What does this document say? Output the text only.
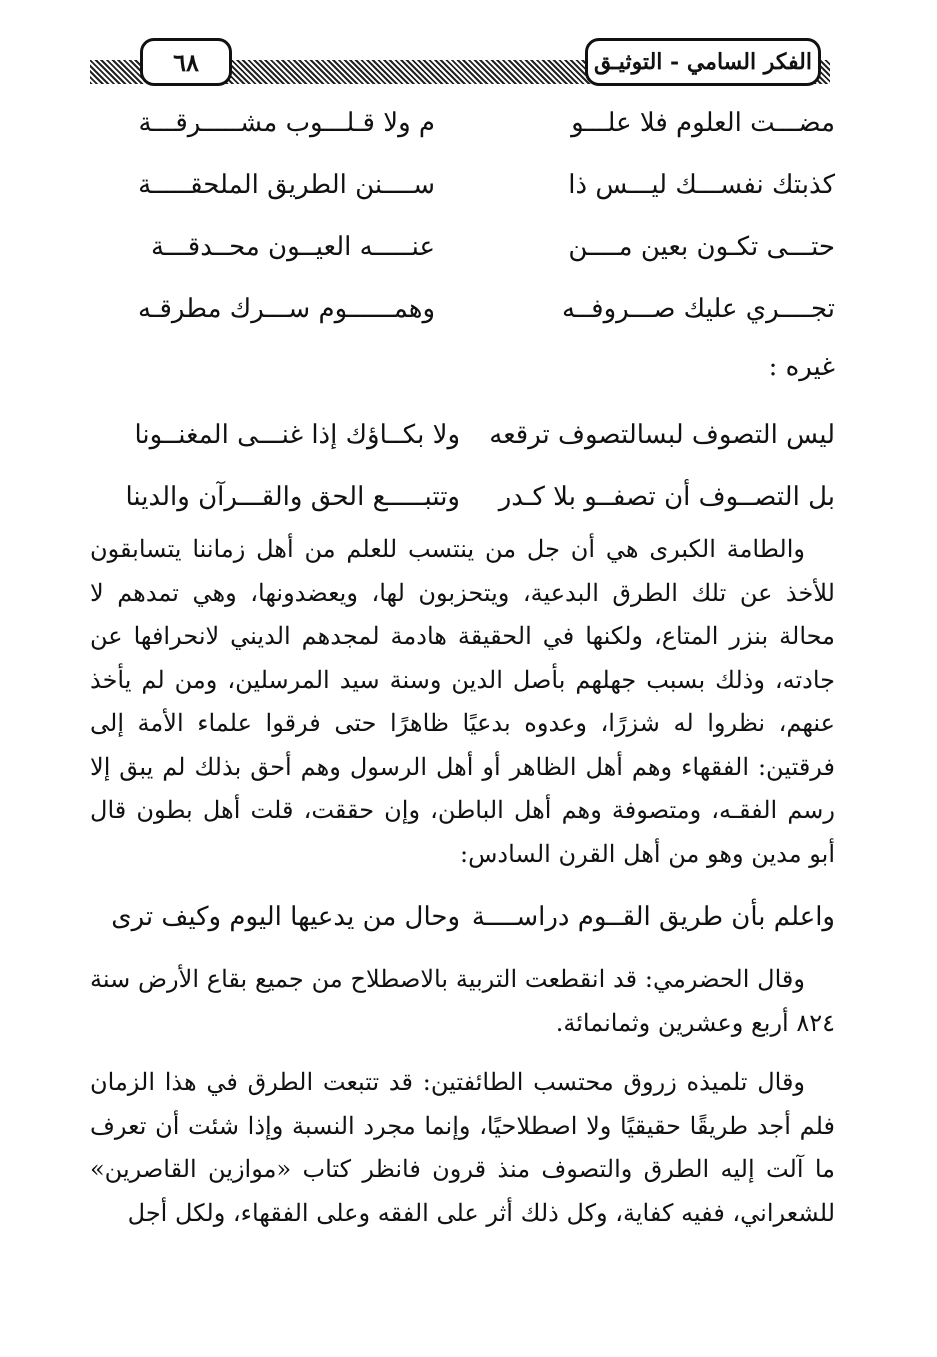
الفكر السامي - التوثيـق
٦٨
مضـــت العلوم فلا علـــو
م ولا قـلـــوب مشـــــرقـــة
كذبتك نفســـك ليـــس ذا
ســــنن الطريق الملحقـــــة
حتـــى تكـون بعين مــــن
عنـــــه العيــون محــدقـــة
تجــــري عليك صـــروفــه
وهمــــــوم ســـرك مطرقـه
غيره :
ليس التصوف لبسالتصوف ترقعه
ولا بكــاؤك إذا غنـــى المغنــونا
بل التصــوف أن تصفــو بلا كـدر
وتتبـــــع الحق والقـــرآن والدينا

والطامة الكبرى هي أن جل من ينتسب للعلم من أهل زماننا يتسابقون للأخذ عن تلك الطرق البدعية، ويتحزبون لها، ويعضدونها، وهي تمدهم لا محالة بنزر المتاع، ولكنها في الحقيقة هادمة لمجدهم الديني لانحرافها عن جادته، وذلك بسبب جهلهم بأصل الدين وسنة سيد المرسلين، ومن لم يأخذ عنهم، نظروا له شزرًا، وعدوه بدعيًا ظاهرًا حتى فرقوا علماء الأمة إلى فرقتين: الفقهاء وهم أهل الظاهر أو أهل الرسول وهم أحق بذلك لم يبق إلا رسم الفقـه، ومتصوفة وهم أهل الباطن، وإن حققت، قلت أهل بطون قال أبو مدين وهو من أهل القرن السادس:

واعلم بأن طريق القــوم دراســــة
وحال من يدعيها اليوم وكيف ترى

وقال الحضرمي: قد انقطعت التربية بالاصطلاح من جميع بقاع الأرض سنة ٨٢٤ أربع وعشرين وثمانمائة.

وقال تلميذه زروق محتسب الطائفتين: قد تتبعت الطرق في هذا الزمان فلم أجد طريقًا حقيقيًا ولا اصطلاحيًا، وإنما مجرد النسبة وإذا شئت أن تعرف ما آلت إليه الطرق والتصوف منذ قرون فانظر كتاب «موازين القاصرين» للشعراني، ففيه كفاية، وكل ذلك أثر على الفقه وعلى الفقهاء، ولكل أجل
